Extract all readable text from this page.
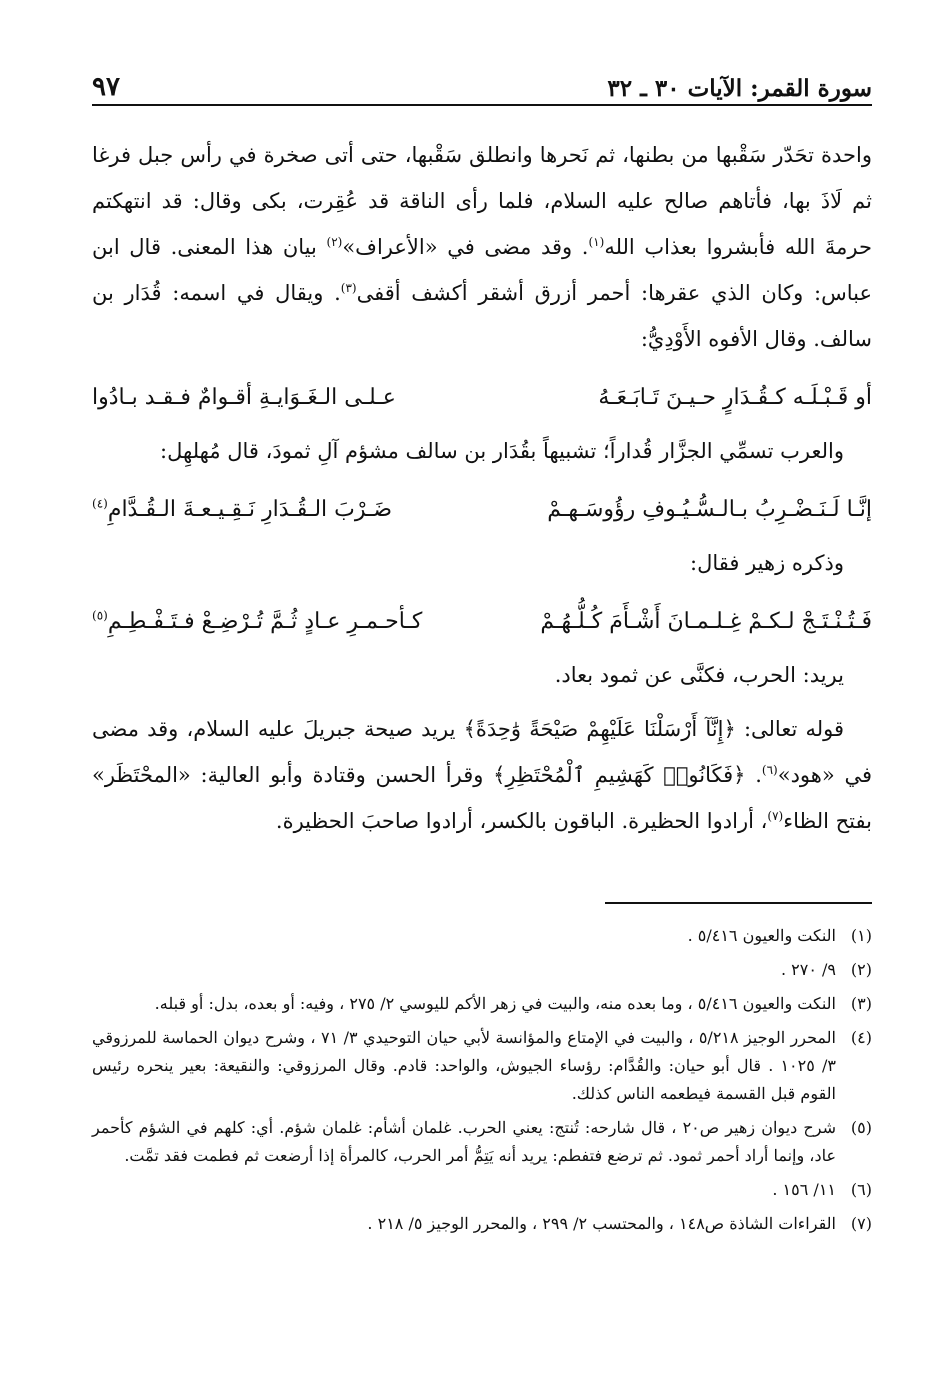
سورة القمر: الآيات ٣٠ ـ ٣٢
٩٧

واحدة تحَدّر سَقْبها من بطنها، ثم نَحرها وانطلق سَقْبها، حتى أتى صخرة في رأس جبل فرغا ثم لَاذَ بها، فأتاهم صالح عليه السلام، فلما رأى الناقة قد عُقِرت، بكى وقال: قد انتهكتم حرمةَ الله فأبشروا بعذاب الله$^{(١)}$. وقد مضى في «الأعراف»$^{(٢)}$ بيان هذا المعنى. قال ابن عباس: وكان الذي عقرها: أحمر أزرق أشقر أكشف أقفى$^{(٣)}$. ويقال في اسمه: قُدَار بن سالف. وقال الأفوه الأَوْدِيُّ:

أو قَـبْـلَـه كـقُـدَارٍ حـيـنَ تَـابَـعَـهُ
عـلـى الـغَـوَايـةِ أقـوامٌ فـقـد بـادُوا

والعرب تسمِّي الجزَّار قُداراً؛ تشبيهاً بقُدَار بن سالف مشؤم آلِ ثمودَ، قال مُهلهِل:

إنَّـا لَـنَـضْـرِبُ بـالـسُّـيُـوفِ رؤُوسَـهـمْ
ضَـرْبَ الـقُـدَارِ نَـقِـيـعـةَ الـقُـدَّامِ$^{(٤)}$

وذكره زهير فقال:

فَـتُـنْـتَـجْ لـكـمْ غِـلـمـانَ أَشْـأَمَ كُـلُّـهُـمْ
كـأحـمـرِ عـادٍ ثُـمَّ تُـرْضِـعْ فـتَـفْـطِـمِ$^{(٥)}$

يريد: الحرب، فكنَّى عن ثمود بعاد.

قوله تعالى: ﴿إِنَّآ أَرْسَلْنَا عَلَيْهِمْ صَيْحَةً وَٰحِدَةً﴾ يريد صيحة جبريلَ عليه السلام، وقد مضى في «هود»$^{(٦)}$. ﴿فَكَانُوا۟ كَهَشِيمِ ٱلْمُحْتَظِرِ﴾ وقرأ الحسن وقتادة وأبو العالية: «المحْتَظَر» بفتح الظاء$^{(٧)}$، أرادوا الحظيرة. الباقون بالكسر، أرادوا صاحبَ الحظيرة.

(١)
النكت والعيون ٥/٤١٦ .
(٢)
٩/ ٢٧٠ .
(٣)
النكت والعيون ٥/٤١٦ ، وما بعده منه، والبيت في زهر الأكم لليوسي ٢/ ٢٧٥ ، وفيه: أو بعده، بدل: أو قبله.
(٤)
المحرر الوجيز ٥/٢١٨ ، والبيت في الإمتاع والمؤانسة لأبي حيان التوحيدي ٣/ ٧١ ، وشرح ديوان الحماسة للمرزوقي ٣/ ١٠٢٥ . قال أبو حيان: والقُدَّام: رؤساء الجيوش، والواحد: قادم. وقال المرزوقي: والنقيعة: بعير ينحره رئيس القوم قبل القسمة فيطعمه الناس كذلك.
(٥)
شرح ديوان زهير ص٢٠ ، قال شارحه: تُنتج: يعني الحرب. غلمان أشأم: غلمان شؤم. أي: كلهم في الشؤم كأحمر عاد، وإنما أراد أحمر ثمود. ثم ترضع فتفطم: يريد أنه يَتِمُّ أمر الحرب، كالمرأة إذا أرضعت ثم فطمت فقد تمَّت.
(٦)
١١/ ١٥٦ .
(٧)
القراءات الشاذة ص١٤٨ ، والمحتسب ٢/ ٢٩٩ ، والمحرر الوجيز ٥/ ٢١٨ .
